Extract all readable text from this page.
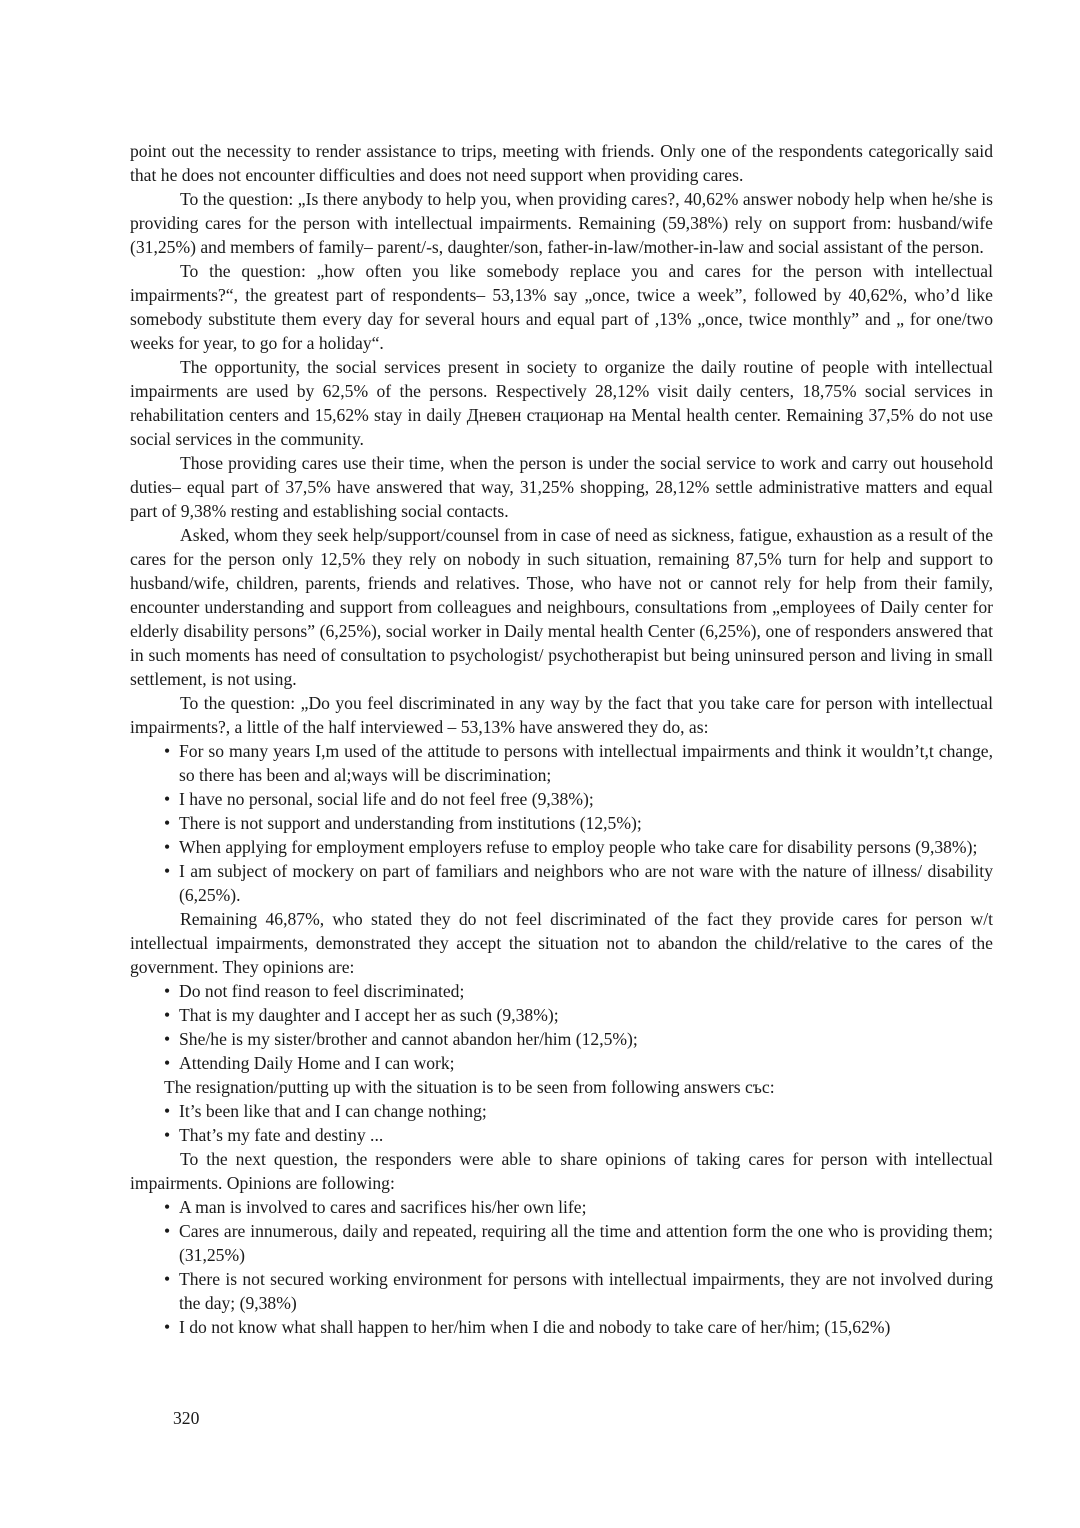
point out the necessity to render assistance to trips, meeting with friends. Only one of the respondents categorically said that he does not encounter difficulties and does not need support when providing cares.

To the question: „Is there anybody to help you, when providing cares?, 40,62% answer nobody help when he/she is providing cares for the person with intellectual impairments. Remaining (59,38%) rely on support from: husband/wife (31,25%) and members of family– parent/-s, daughter/son, father-in-law/mother-in-law and social assistant of the person.

To the question: „how often you like somebody replace you and cares for the person with intellectual impairments?“, the greatest part of respondents– 53,13% say „once, twice a week”, followed by 40,62%, who’d like somebody substitute them every day for several hours and equal part of ,13% „once, twice monthly” and „ for one/two weeks for year, to go for a holiday“.

The opportunity, the social services present in society to organize the daily routine of people with intellectual impairments are used by 62,5% of the persons. Respectively 28,12% visit daily centers, 18,75% social services in rehabilitation centers and 15,62% stay in daily Дневен стационар на Mental health center. Remaining 37,5% do not use social services in the community.

Those providing cares use their time, when the person is under the social service to work and carry out household duties– equal part of 37,5% have answered that way, 31,25% shopping, 28,12% settle administrative matters and equal part of 9,38% resting and establishing social contacts.

Asked, whom they seek help/support/counsel from in case of need as sickness, fatigue, exhaustion as a result of the cares for the person only 12,5% they rely on nobody in such situation, remaining 87,5% turn for help and support to husband/wife, children, parents, friends and relatives. Those, who have not or cannot rely for help from their family, encounter understanding and support from colleagues and neighbours, consultations from „employees of Daily center for elderly disability persons” (6,25%), social worker in Daily mental health Center (6,25%), one of responders answered that in such moments has need of consultation to psychologist/ psychotherapist but being uninsured person and living in small settlement, is not using.

To the question: „Do you feel discriminated in any way by the fact that you take care for person with intellectual impairments?, a little of the half interviewed – 53,13% have answered they do, as:

• For so many years I,m used of the attitude to persons with intellectual impairments and think it wouldn’t,t change, so there has been and al;ways will be discrimination;
• I have no personal, social life and do not feel free (9,38%);
• There is not support and understanding from institutions (12,5%);
• When applying for employment employers refuse to employ people who take care for disability persons (9,38%);
• I am subject of mockery on part of familiars and neighbors who are not ware with the nature of illness/ disability (6,25%).

Remaining 46,87%, who stated they do not feel discriminated of the fact they provide cares for person w/t intellectual impairments, demonstrated they accept the situation not to abandon the child/relative to the cares of the government. They opinions are:

• Do not find reason to feel discriminated;
• That is my daughter and I accept her as such (9,38%);
• She/he is my sister/brother and cannot abandon her/him (12,5%);
• Attending Daily Home and I can work;

The resignation/putting up with the situation is to be seen from following answers със:

• It’s been like that and I can change nothing;
• That’s my fate and destiny ...

To the next question, the responders were able to share opinions of taking cares for person with intellectual impairments. Opinions are following:

• A man is involved to cares and sacrifices his/her own life;
• Cares are innumerous, daily and repeated, requiring all the time and attention form the one who is providing them; (31,25%)
• There is not secured working environment for persons with intellectual impairments, they are not involved during the day; (9,38%)
• I do not know what shall happen to her/him when I die and nobody to take care of her/him; (15,62%)
320
